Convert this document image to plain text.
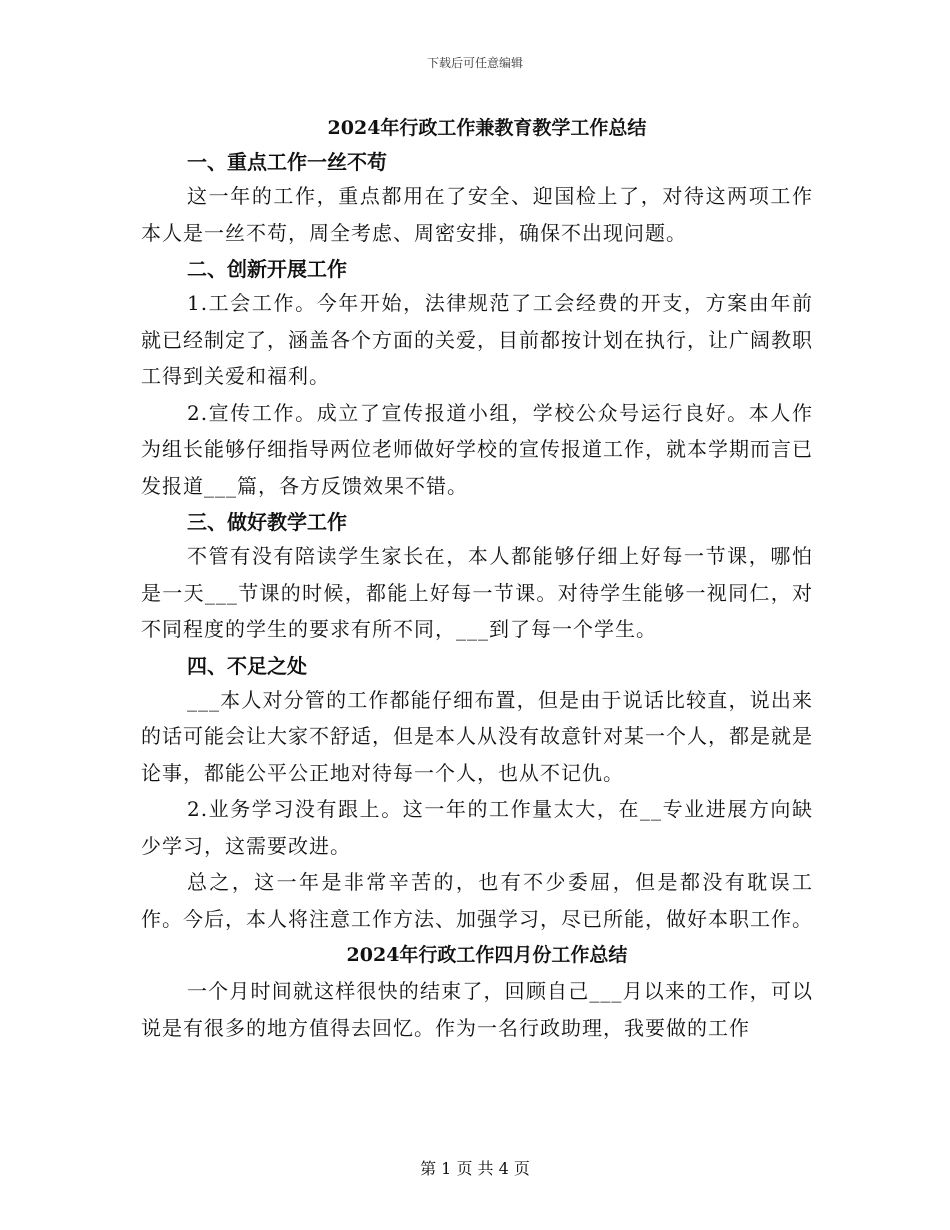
下载后可任意编辑
2024年行政工作兼教育教学工作总结
一、重点工作一丝不苟

这一年的工作，重点都用在了安全、迎国检上了，对待这两项工作本人是一丝不苟，周全考虑、周密安排，确保不出现问题。

二、创新开展工作

1.工会工作。今年开始，法律规范了工会经费的开支，方案由年前就已经制定了，涵盖各个方面的关爱，目前都按计划在执行，让广阔教职工得到关爱和福利。

2.宣传工作。成立了宣传报道小组，学校公众号运行良好。本人作为组长能够仔细指导两位老师做好学校的宣传报道工作，就本学期而言已发报道___篇，各方反馈效果不错。

三、做好教学工作

不管有没有陪读学生家长在，本人都能够仔细上好每一节课，哪怕是一天___节课的时候，都能上好每一节课。对待学生能够一视同仁，对不同程度的学生的要求有所不同，___到了每一个学生。

四、不足之处

___本人对分管的工作都能仔细布置，但是由于说话比较直，说出来的话可能会让大家不舒适，但是本人从没有故意针对某一个人，都是就是论事，都能公平公正地对待每一个人，也从不记仇。

2.业务学习没有跟上。这一年的工作量太大，在__专业进展方向缺少学习，这需要改进。

总之，这一年是非常辛苦的，也有不少委屈，但是都没有耽误工作。今后，本人将注意工作方法、加强学习，尽已所能，做好本职工作。

2024年行政工作四月份工作总结

一个月时间就这样很快的结束了，回顾自己___月以来的工作，可以说是有很多的地方值得去回忆。作为一名行政助理，我要做的工作

第 1 页 共 4 页
